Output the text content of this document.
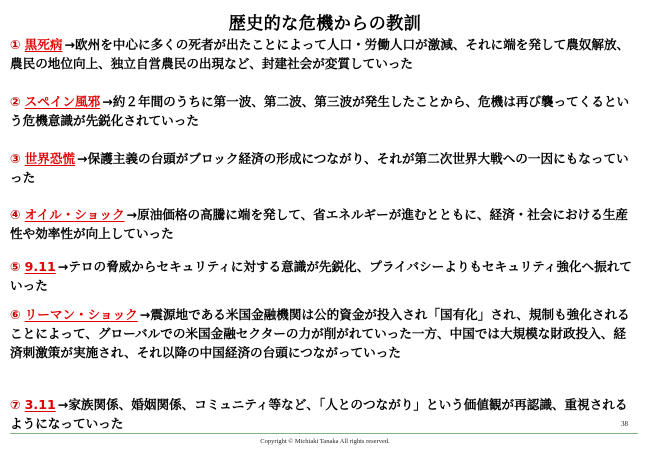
歴史的な危機からの教訓
① 黒死病 →欧州を中心に多くの死者が出たことによって人口・労働人口が激減、それに端を発して農奴解放、農民の地位向上、独立自営農民の出現など、封建社会が変質していった
② スペイン風邪 →約２年間のうちに第一波、第二波、第三波が発生したことから、危機は再び襲ってくるという危機意識が先鋭化されていった
③ 世界恐慌 →保護主義の台頭がブロック経済の形成につながり、それが第二次世界大戦への一因にもなっていった
④ オイル・ショック →原油価格の高騰に端を発して、省エネルギーが進むとともに、経済・社会における生産性や効率性が向上していった
⑤ 9.11 →テロの脅威からセキュリティに対する意識が先鋭化、プライバシーよりもセキュリティ強化へ振れていった
⑥ リーマン・ショック →震源地である米国金融機関は公的資金が投入され「国有化」され、規制も強化されることによって、グローバルでの米国金融セクターの力が削がれていった一方、中国では大規模な財政投入、経済刺激策が実施され、それ以降の中国経済の台頭につながっていった
⑦ 3.11 →家族関係、婚姻関係、コミュニティ等など、「人とのつながり」という価値観が再認識、重視されるようになっていった	38
Copyright © Michiaki Tanaka All rights reserved.
